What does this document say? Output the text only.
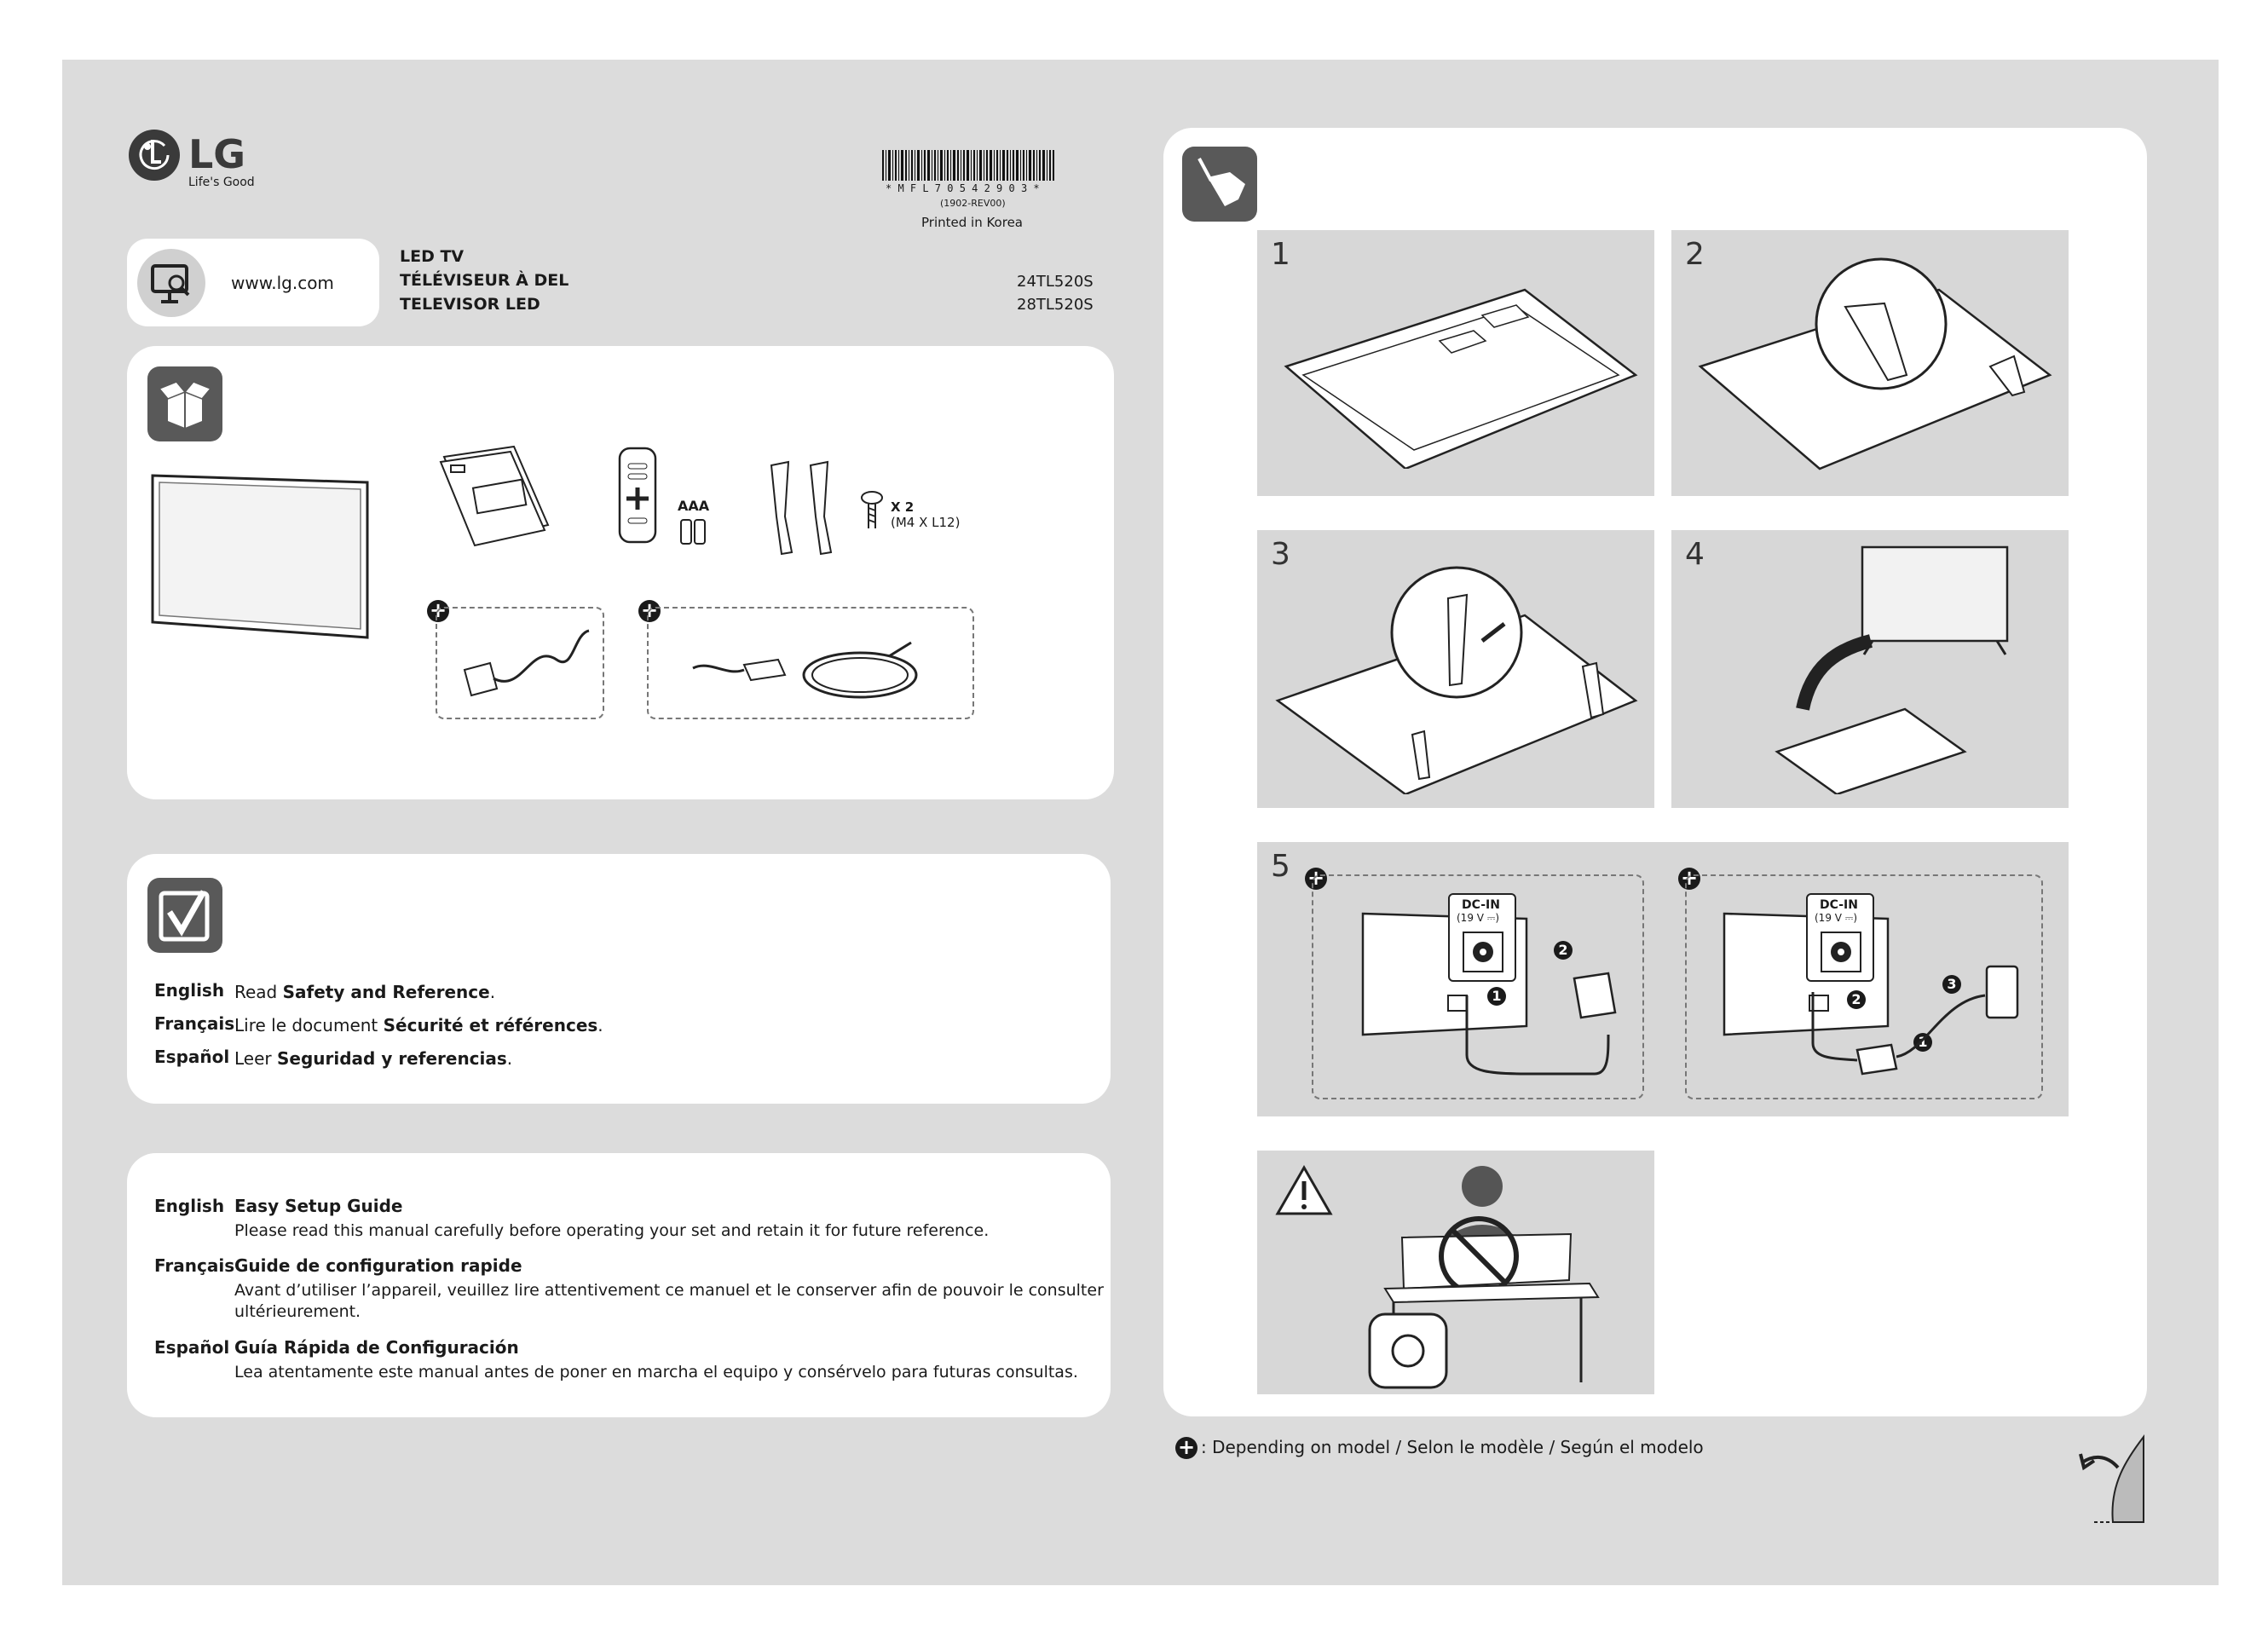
LG
Life's Good	* M F L 7 0 5 4 2 9 0 3 *
(1902-REV00)
Printed in Korea
www.lg.com
LED TV
TÉLÉVISEUR À DEL
TELEVISOR LED
24TL520S
28TL520S
AAA	X 2
(M4 X L12)
+	+
English Read Safety and Reference.
Français Lire le document Sécurité et références.
Español Leer Seguridad y referencias.
English Easy Setup Guide
Please read this manual carefully before operating your set and retain it for future reference.
Français Guide de configuration rapide
Avant d’utiliser l’appareil, veuillez lire attentivement ce manuel et le conserver afin de pouvoir le consulter
ultérieurement.
Español Guía Rápida de Configuración
Lea atentamente este manual antes de poner en marcha el equipo y consérvelo para futuras consultas.
1	2
3	4
5 +
DC-IN
(19 V ⎓)
1
2
+
DC-IN
(19 V ⎓)
2
1
3
+ : Depending on model / Selon le modèle / Según el modelo
